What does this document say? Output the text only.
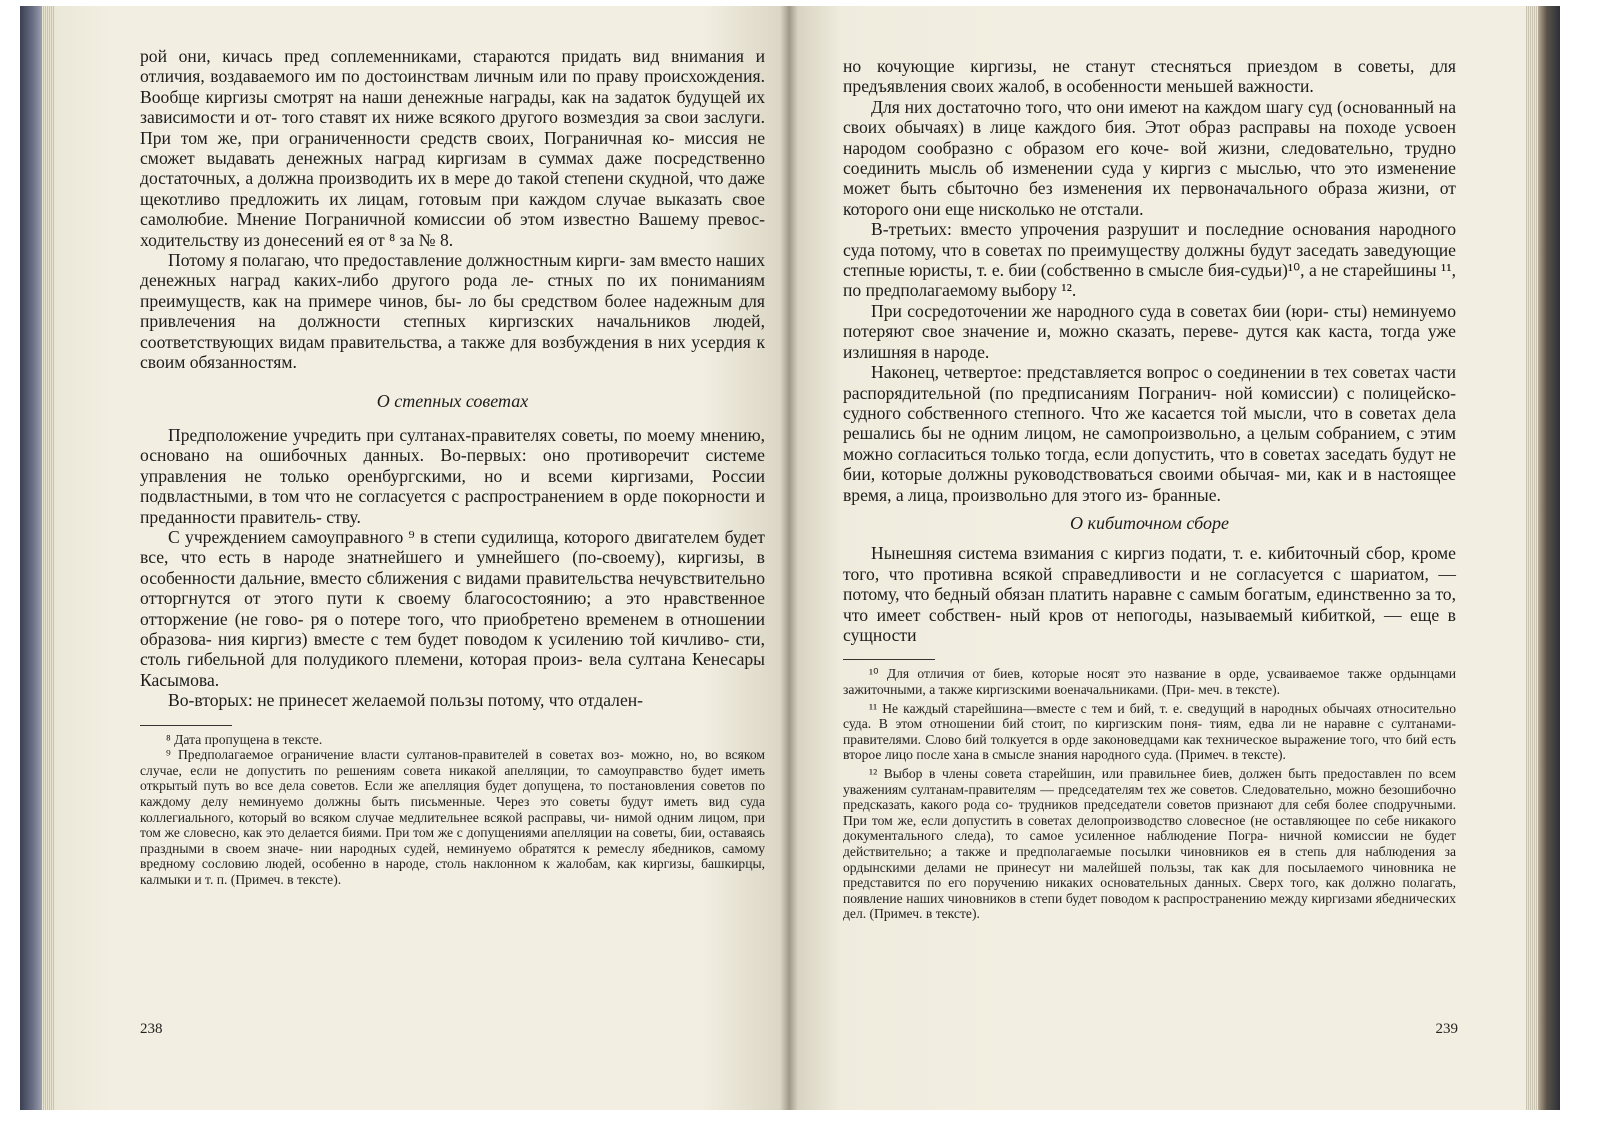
рой они, кичась пред соплеменниками, стараются придать вид внимания и отличия, воздаваемого им по достоинствам личным или по праву происхождения. Вообще киргизы смотрят на наши денежные награды, как на задаток будущей их зависимости и от- того ставят их ниже всякого другого возмездия за свои заслуги. При том же, при ограниченности средств своих, Пограничная ко- миссия не сможет выдавать денежных наград киргизам в суммах даже посредственно достаточных, а должна производить их в мере до такой степени скудной, что даже щекотливо предложить их лицам, готовым при каждом случае выказать свое самолюбие. Мнение Пограничной комиссии об этом известно Вашему превос- ходительству из донесений ея от ⁸ за № 8.

Потому я полагаю, что предоставление должностным кирги- зам вместо наших денежных наград каких-либо другого рода ле- стных по их пониманиям преимуществ, как на примере чинов, бы- ло бы средством более надежным для привлечения на должности степных киргизских начальников людей, соответствующих видам правительства, а также для возбуждения в них усердия к своим обязанностям.

О степных советах

Предположение учредить при султанах-правителях советы, по моему мнению, основано на ошибочных данных. Во-первых: оно противоречит системе управления не только оренбургскими, но и всеми киргизами, России подвластными, в том что не согласуется с распространением в орде покорности и преданности правитель- ству.

С учреждением самоуправного ⁹ в степи судилища, которого двигателем будет все, что есть в народе знатнейшего и умнейшего (по-своему), киргизы, в особенности дальние, вместо сближения с видами правительства нечувствительно отторгнутся от этого пути к своему благосостоянию; а это нравственное отторжение (не гово- ря о потере того, что приобретено временем в отношении образова- ния киргиз) вместе с тем будет поводом к усилению той кичливо- сти, столь гибельной для полудикого племени, которая произ- вела султана Кенесары Касымова.

Во-вторых: не принесет желаемой пользы потому, что отдален-

⁸ Дата пропущена в тексте.

⁹ Предполагаемое ограничение власти султанов-правителей в советах воз- можно, но, во всяком случае, если не допустить по решениям совета никакой апелляции, то самоуправство будет иметь открытый путь во все дела советов. Если же апелляция будет допущена, то постановления советов по каждому делу неминуемо должны быть письменные. Через это советы будут иметь вид суда коллегиального, который во всяком случае медлительнее всякой расправы, чи- нимой одним лицом, при том же словесно, как это делается биями. При том же с допущениями апелляции на советы, бии, оставаясь праздными в своем значе- нии народных судей, неминуемо обратятся к ремеслу ябедников, самому вредному сословию людей, особенно в народе, столь наклонном к жалобам, как киргизы, башкирцы, калмыки и т. п. (Примеч. в тексте).

238

но кочующие киргизы, не станут стесняться приездом в советы, для предъявления своих жалоб, в особенности меньшей важности.

Для них достаточно того, что они имеют на каждом шагу суд (основанный на своих обычаях) в лице каждого бия. Этот образ расправы на походе усвоен народом сообразно с образом его коче- вой жизни, следовательно, трудно соединить мысль об изменении суда у киргиз с мыслью, что это изменение может быть сбыточно без изменения их первоначального образа жизни, от которого они еще нисколько не отстали.

В-третьих: вместо упрочения разрушит и последние основания народного суда потому, что в советах по преимуществу должны будут заседать заведующие степные юристы, т. е. бии (собственно в смысле бия-судьи)¹⁰, а не старейшины ¹¹, по предполагаемому выбору ¹².

При сосредоточении же народного суда в советах бии (юри- сты) неминуемо потеряют свое значение и, можно сказать, переве- дутся как каста, тогда уже излишняя в народе.

Наконец, четвертое: представляется вопрос о соединении в тех советах части распорядительной (по предписаниям Погранич- ной комиссии) с полицейско-судного собственного степного. Что же касается той мысли, что в советах дела решались бы не одним лицом, не самопроизвольно, а целым собранием, с этим можно согласиться только тогда, если допустить, что в советах заседать будут не бии, которые должны руководствоваться своими обычая- ми, как и в настоящее время, а лица, произвольно для этого из- бранные.

О кибиточном сборе

Нынешняя система взимания с киргиз подати, т. е. кибиточный сбор, кроме того, что противна всякой справедливости и не согласуется с шариатом, — потому, что бедный обязан платить наравне с самым богатым, единственно за то, что имеет собствен- ный кров от непогоды, называемый кибиткой, — еще в сущности

¹⁰ Для отличия от биев, которые носят это название в орде, усваиваемое также ордынцами зажиточными, а также киргизскими военачальниками. (При- меч. в тексте).

¹¹ Не каждый старейшина—вместе с тем и бий, т. е. сведущий в народных обычаях относительно суда. В этом отношении бий стоит, по киргизским поня- тиям, едва ли не наравне с султанами-правителями. Слово бий толкуется в орде законоведцами как техническое выражение того, что бий есть второе лицо после хана в смысле знания народного суда. (Примеч. в тексте).

¹² Выбор в члены совета старейшин, или правильнее биев, должен быть предоставлен по всем уважениям султанам-правителям — председателям тех же советов. Следовательно, можно безошибочно предсказать, какого рода со- трудников председатели советов признают для себя более сподручными. При том же, если допустить в советах делопроизводство словесное (не оставляющее по себе никакого документального следа), то самое усиленное наблюдение Погра- ничной комиссии не будет действительно; а также и предполагаемые посылки чиновников ея в степь для наблюдения за ордынскими делами не принесут ни малейшей пользы, так как для посылаемого чиновника не представится по его поручению никаких основательных данных. Сверх того, как должно полагать, появление наших чиновников в степи будет поводом к распространению между киргизами ябеднических дел. (Примеч. в тексте).

239
